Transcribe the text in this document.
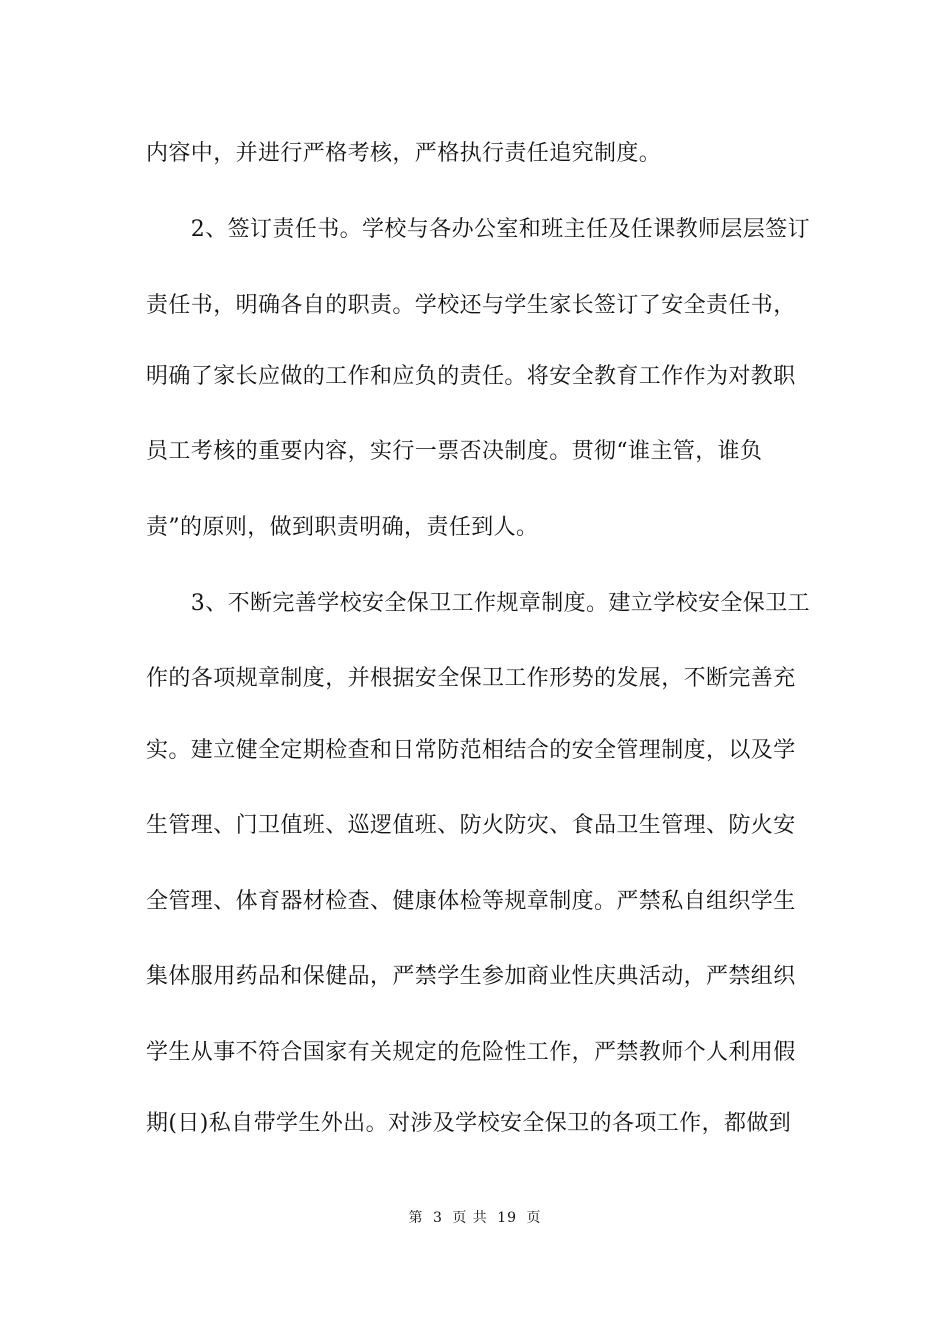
内容中，并进行严格考核，严格执行责任追究制度。
　　2、签订责任书。学校与各办公室和班主任及任课教师层层签订
责任书，明确各自的职责。学校还与学生家长签订了安全责任书，
明确了家长应做的工作和应负的责任。将安全教育工作作为对教职
员工考核的重要内容，实行一票否决制度。贯彻“谁主管，谁负
责”的原则，做到职责明确，责任到人。
　　3、不断完善学校安全保卫工作规章制度。建立学校安全保卫工
作的各项规章制度，并根据安全保卫工作形势的发展，不断完善充
实。建立健全定期检查和日常防范相结合的安全管理制度，以及学
生管理、门卫值班、巡逻值班、防火防灾、食品卫生管理、防火安
全管理、体育器材检查、健康体检等规章制度。严禁私自组织学生
集体服用药品和保健品，严禁学生参加商业性庆典活动，严禁组织
学生从事不符合国家有关规定的危险性工作，严禁教师个人利用假
期(日)私自带学生外出。对涉及学校安全保卫的各项工作，都做到
第 3 页 共 19 页
